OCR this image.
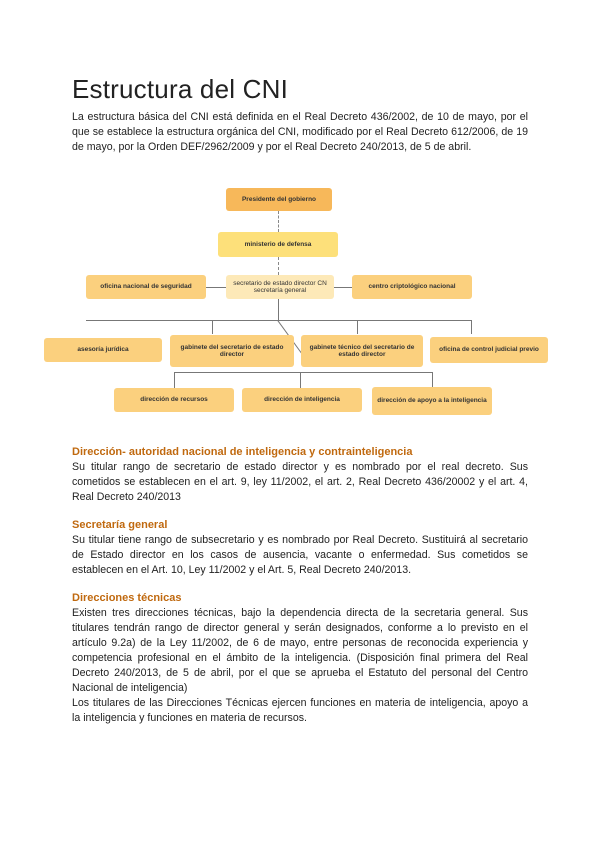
Estructura del CNI

La estructura básica del CNI está definida en el Real Decreto 436/2002, de 10 de mayo, por el que se establece la estructura orgánica del CNI, modificado por el Real Decreto 612/2006, de 19 de mayo, por la Orden DEF/2962/2009 y por el Real Decreto 240/2013, de 5 de abril.

Presidente del gobierno
ministerio de defensa
secretario de estado director CN secretaría general
oficina nacional de seguridad	centro criptológico nacional
asesoría jurídica	gabinete del secretario de estado director
gabinete técnico del secretario de estado director
oficina de control judicial previo
dirección de recursos	dirección de inteligencia	dirección de apoyo a la inteligencia

Dirección- autoridad nacional de inteligencia y contrainteligencia

Su titular rango de secretario de estado director y es nombrado por el real decreto. Sus cometidos se establecen en el art. 9, ley 11/2002, el art. 2, Real Decreto 436/20002 y el art. 4, Real Decreto 240/2013

Secretaría general

Su titular tiene rango de subsecretario y es nombrado por Real Decreto. Sustituirá al secretario de Estado director en los casos de ausencia, vacante o enfermedad. Sus cometidos se establecen en el Art. 10, Ley 11/2002 y el Art. 5, Real Decreto 240/2013.

Direcciones técnicas

Existen tres direcciones técnicas, bajo la dependencia directa de la secretaria general. Sus titulares tendrán rango de director general y serán designados, conforme a lo previsto en el artículo 9.2a) de la Ley 11/2002, de 6 de mayo, entre personas de reconocida experiencia y competencia profesional en el ámbito de la inteligencia. (Disposición final primera del Real Decreto 240/2013, de 5 de abril, por el que se aprueba el Estatuto del personal del Centro Nacional de inteligencia)
Los titulares de las Direcciones Técnicas ejercen funciones en materia de inteligencia, apoyo a la inteligencia y funciones en materia de recursos.
